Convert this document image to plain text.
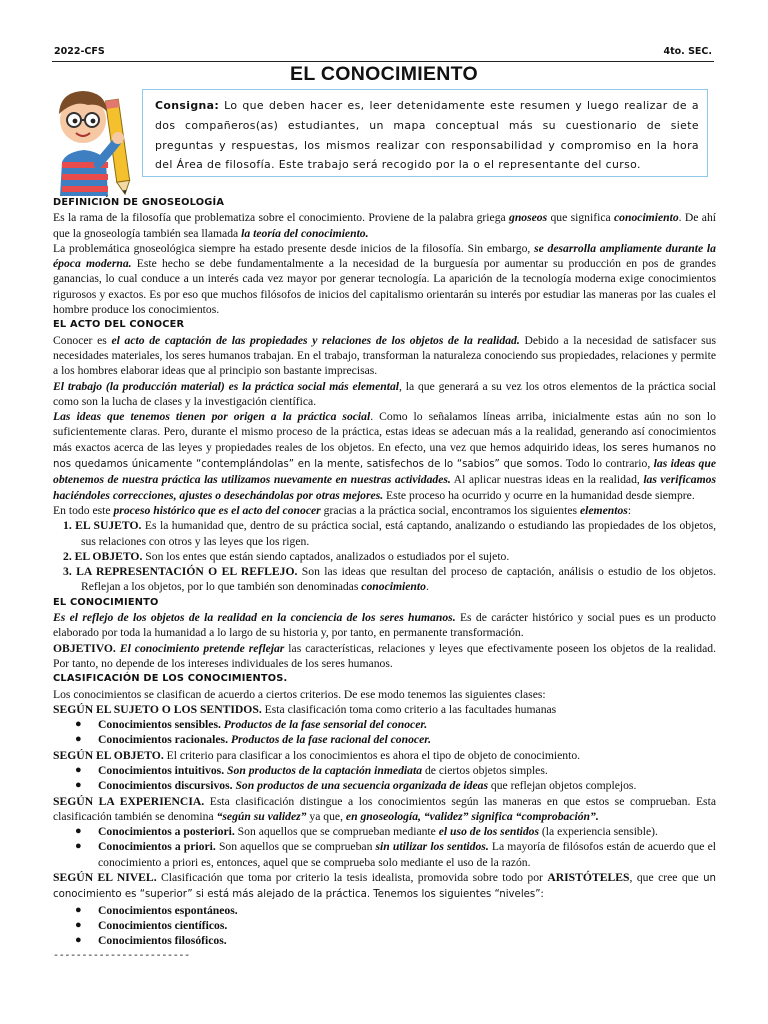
2022-CFS	4to. SEC.
EL CONOCIMIENTO
Consigna: Lo que deben hacer es, leer detenidamente este resumen y luego realizar de a dos compañeros(as) estudiantes, un mapa conceptual más su cuestionario de siete preguntas y respuestas, los mismos realizar con responsabilidad y compromiso en la hora del Área de filosofía. Este trabajo será recogido por la o el representante del curso.

DEFINICIÓN DE GNOSEOLOGÍA

Es la rama de la filosofía que problematiza sobre el conocimiento. Proviene de la palabra griega gnoseos que significa conocimiento. De ahí que la gnoseología también sea llamada la teoría del conocimiento.

La problemática gnoseológica siempre ha estado presente desde inicios de la filosofía. Sin embargo, se desarrolla ampliamente durante la época moderna. Este hecho se debe fundamentalmente a la necesidad de la burguesía por aumentar su producción en pos de grandes ganancias, lo cual conduce a un interés cada vez mayor por generar tecnología. La aparición de la tecnología moderna exige conocimientos rigurosos y exactos. Es por eso que muchos filósofos de inicios del capitalismo orientarán su interés por estudiar las maneras por las cuales el hombre produce los conocimientos.

EL ACTO DEL CONOCER

Conocer es el acto de captación de las propiedades y relaciones de los objetos de la realidad. Debido a la necesidad de satisfacer sus necesidades materiales, los seres humanos trabajan. En el trabajo, transforman la naturaleza conociendo sus propiedades, relaciones y permite a los hombres elaborar ideas que al principio son bastante imprecisas.

El trabajo (la producción material) es la práctica social más elemental, la que generará a su vez los otros elementos de la práctica social como son la lucha de clases y la investigación científica.

Las ideas que tenemos tienen por origen a la práctica social. Como lo señalamos líneas arriba, inicialmente estas aún no son lo suficientemente claras. Pero, durante el mismo proceso de la práctica, estas ideas se adecuan más a la realidad, generando así conocimientos más exactos acerca de las leyes y propiedades reales de los objetos. En efecto, una vez que hemos adquirido ideas, los seres humanos no nos quedamos únicamente “contemplándolas” en la mente, satisfechos de lo “sabios” que somos. Todo lo contrario, las ideas que obtenemos de nuestra práctica las utilizamos nuevamente en nuestras actividades. Al aplicar nuestras ideas en la realidad, las verificamos haciéndoles correcciones, ajustes o desechándolas por otras mejores. Este proceso ha ocurrido y ocurre en la humanidad desde siempre.

En todo este proceso histórico que es el acto del conocer gracias a la práctica social, encontramos los siguientes elementos:

1. EL SUJETO. Es la humanidad que, dentro de su práctica social, está captando, analizando o estudiando las propiedades de los objetos, sus relaciones con otros y las leyes que los rigen.

2. EL OBJETO. Son los entes que están siendo captados, analizados o estudiados por el sujeto.

3. LA REPRESENTACIÓN O EL REFLEJO. Son las ideas que resultan del proceso de captación, análisis o estudio de los objetos. Reflejan a los objetos, por lo que también son denominadas conocimiento.

EL CONOCIMIENTO

Es el reflejo de los objetos de la realidad en la conciencia de los seres humanos. Es de carácter histórico y social pues es un producto elaborado por toda la humanidad a lo largo de su historia y, por tanto, en permanente transformación.

OBJETIVO. El conocimiento pretende reflejar las características, relaciones y leyes que efectivamente poseen los objetos de la realidad. Por tanto, no depende de los intereses individuales de los seres humanos.

CLASIFICACIÓN DE LOS CONOCIMIENTOS.

Los conocimientos se clasifican de acuerdo a ciertos criterios. De ese modo tenemos las siguientes clases:

SEGÚN EL SUJETO O LOS SENTIDOS. Esta clasificación toma como criterio a las facultades humanas

● Conocimientos sensibles. Productos de la fase sensorial del conocer.

● Conocimientos racionales. Productos de la fase racional del conocer.

SEGÚN EL OBJETO. El criterio para clasificar a los conocimientos es ahora el tipo de objeto de conocimiento.

● Conocimientos intuitivos. Son productos de la captación inmediata de ciertos objetos simples.

● Conocimientos discursivos. Son productos de una secuencia organizada de ideas que reflejan objetos complejos.

SEGÚN LA EXPERIENCIA. Esta clasificación distingue a los conocimientos según las maneras en que estos se comprueban. Esta clasificación también se denomina “según su validez” ya que, en gnoseología, “validez” significa “comprobación”.

● Conocimientos a posteriori. Son aquellos que se comprueban mediante el uso de los sentidos (la experiencia sensible).

● Conocimientos a priori. Son aquellos que se comprueban sin utilizar los sentidos. La mayoría de filósofos están de acuerdo que el conocimiento a priori es, entonces, aquel que se comprueba solo mediante el uso de la razón.

SEGÚN EL NIVEL. Clasificación que toma por criterio la tesis idealista, promovida sobre todo por ARISTÓTELES, que cree que un conocimiento es “superior” si está más alejado de la práctica. Tenemos los siguientes “niveles”:

● Conocimientos espontáneos.

● Conocimientos científicos.

● Conocimientos filosóficos.

------------------------
